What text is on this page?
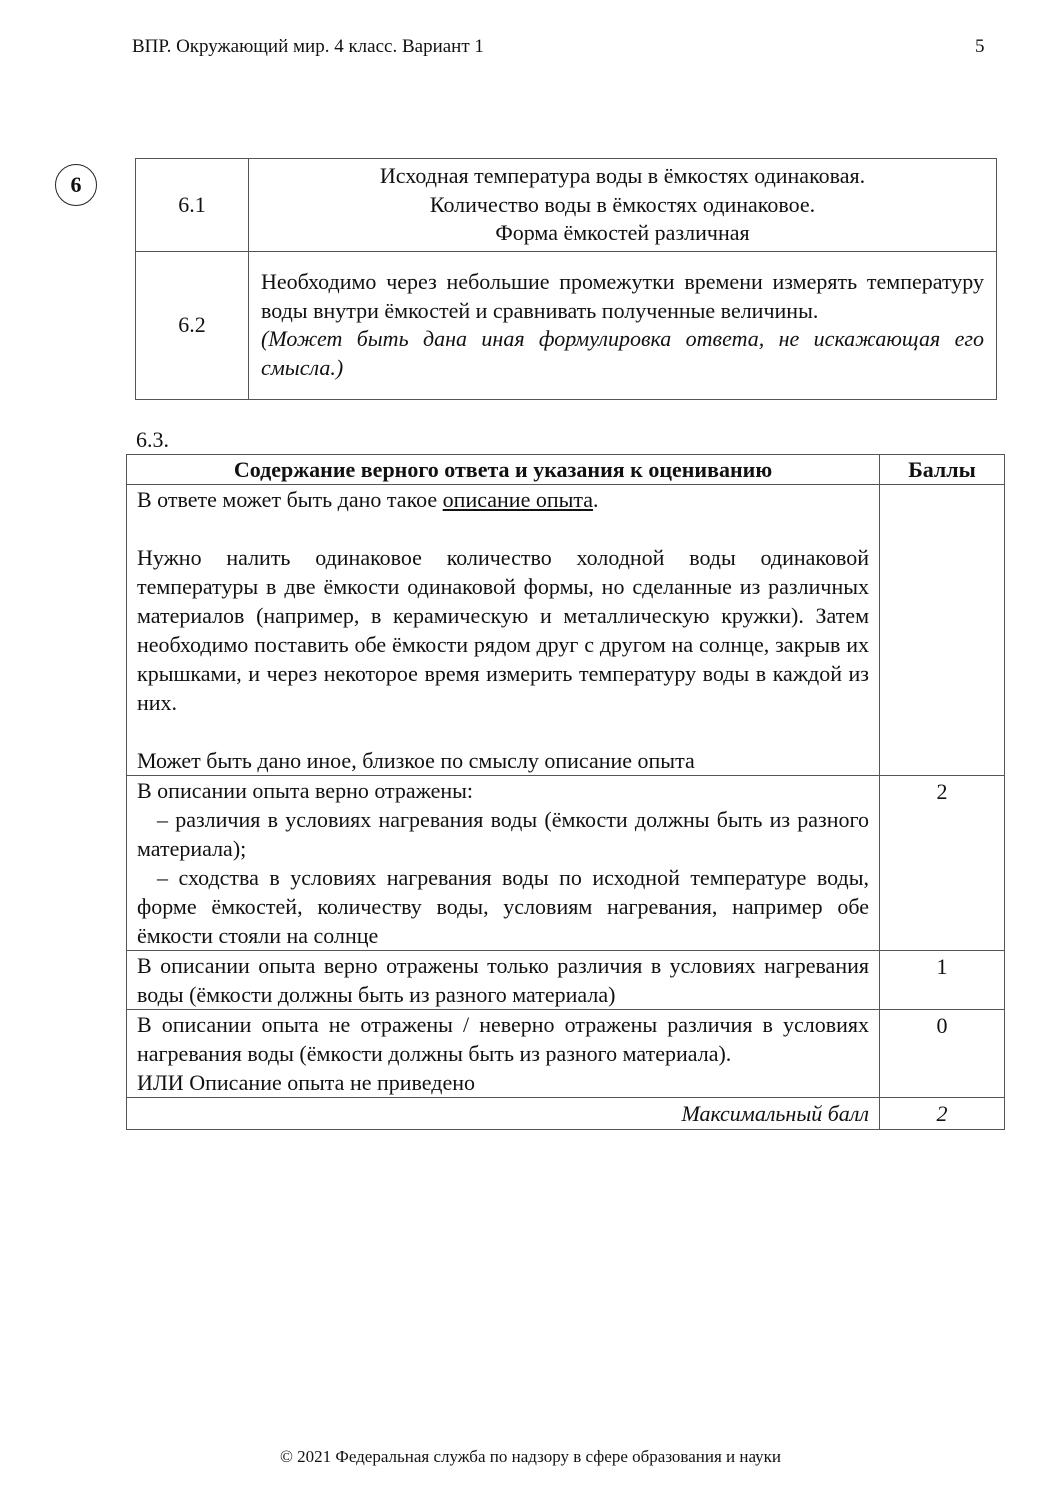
ВПР. Окружающий мир. 4 класс. Вариант 1	5
6
6.1	Исходная температура воды в ёмкостях одинаковая.
Количество воды в ёмкостях одинаковое.
Форма ёмкостей различная

6.2	Необходимо через небольшие промежутки времени измерять температуру воды внутри ёмкостей и сравнивать полученные величины.
(Может быть дана иная формулировка ответа, не искажающая его смысла.)
6.3.
Содержание верного ответа и указания к оцениванию	Баллы

В ответе может быть дано такое описание опыта.
Нужно налить одинаковое количество холодной воды одинаковой температуры в две ёмкости одинаковой формы, но сделанные из различных материалов (например, в керамическую и металлическую кружки). Затем необходимо поставить обе ёмкости рядом друг с другом на солнце, закрыв их крышками, и через некоторое время измерить температуру воды в каждой из них.
Может быть дано иное, близкое по смыслу описание опыта	

В описании опыта верно отражены:
– различия в условиях нагревания воды (ёмкости должны быть из разного материала);
– сходства в условиях нагревания воды по исходной температуре воды, форме ёмкостей, количеству воды, условиям нагревания, например обе ёмкости стояли на солнце	2
В описании опыта верно отражены только различия в условиях нагревания воды (ёмкости должны быть из разного материала)	1

В описании опыта не отражены / неверно отражены различия в условиях нагревания воды (ёмкости должны быть из разного материала).
ИЛИ Описание опыта не приведено	0
Максимальный балл	2
© 2021 Федеральная служба по надзору в сфере образования и науки
